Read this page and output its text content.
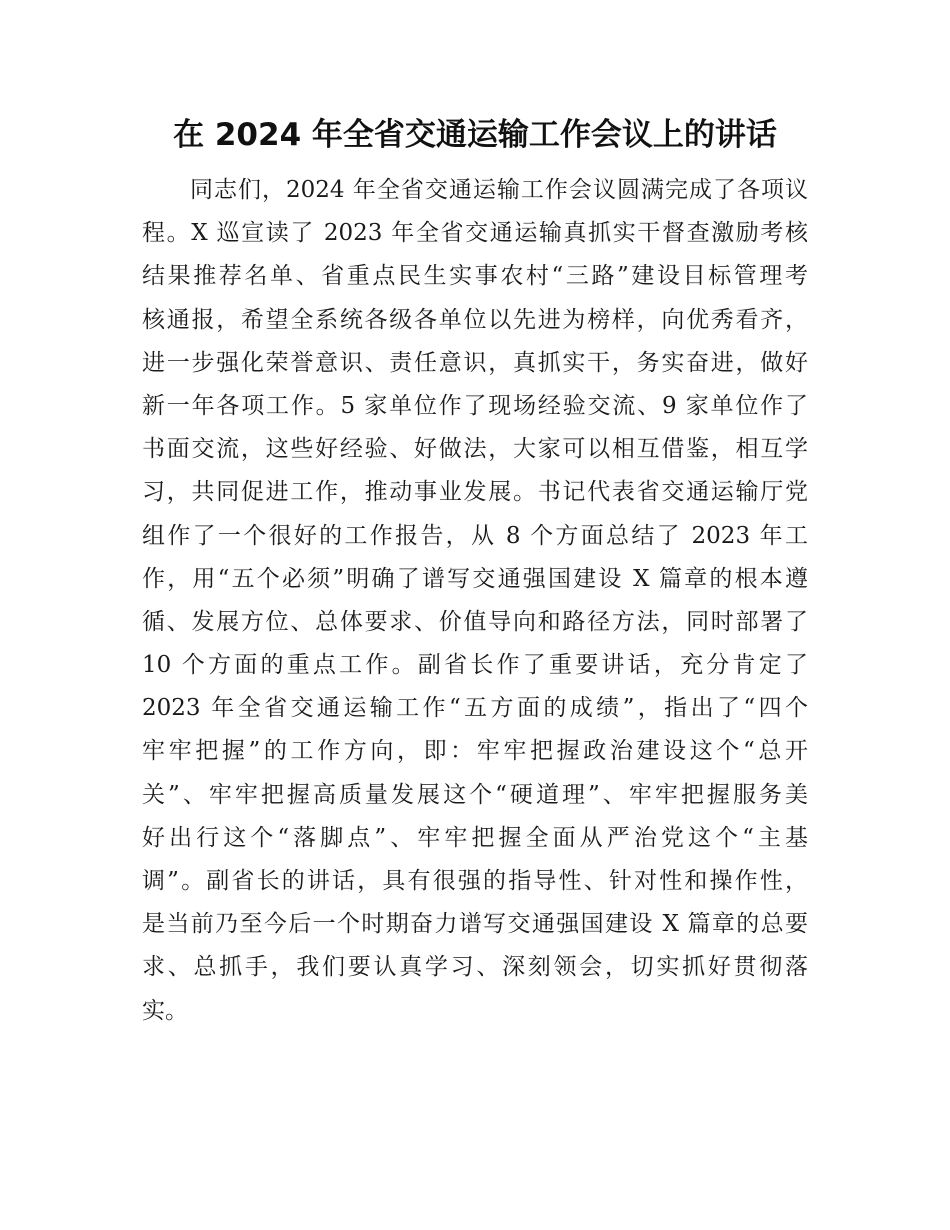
在 2024 年全省交通运输工作会议上的讲话
　　同志们，2024 年全省交通运输工作会议圆满完成了各项议
程。X 巡宣读了 2023 年全省交通运输真抓实干督查激励考核
结果推荐名单、省重点民生实事农村“三路”建设目标管理考
核通报，希望全系统各级各单位以先进为榜样，向优秀看齐，
进一步强化荣誉意识、责任意识，真抓实干，务实奋进，做好
新一年各项工作。5 家单位作了现场经验交流、9 家单位作了
书面交流，这些好经验、好做法，大家可以相互借鉴，相互学
习，共同促进工作，推动事业发展。书记代表省交通运输厅党
组作了一个很好的工作报告，从 8 个方面总结了 2023 年工
作，用“五个必须”明确了谱写交通强国建设 X 篇章的根本遵
循、发展方位、总体要求、价值导向和路径方法，同时部署了
10 个方面的重点工作。副省长作了重要讲话，充分肯定了
2023 年全省交通运输工作“五方面的成绩”，指出了“四个
牢牢把握”的工作方向，即：牢牢把握政治建设这个“总开
关”、牢牢把握高质量发展这个“硬道理”、牢牢把握服务美
好出行这个“落脚点”、牢牢把握全面从严治党这个“主基
调”。副省长的讲话，具有很强的指导性、针对性和操作性，
是当前乃至今后一个时期奋力谱写交通强国建设 X 篇章的总要
求、总抓手，我们要认真学习、深刻领会，切实抓好贯彻落
实。
